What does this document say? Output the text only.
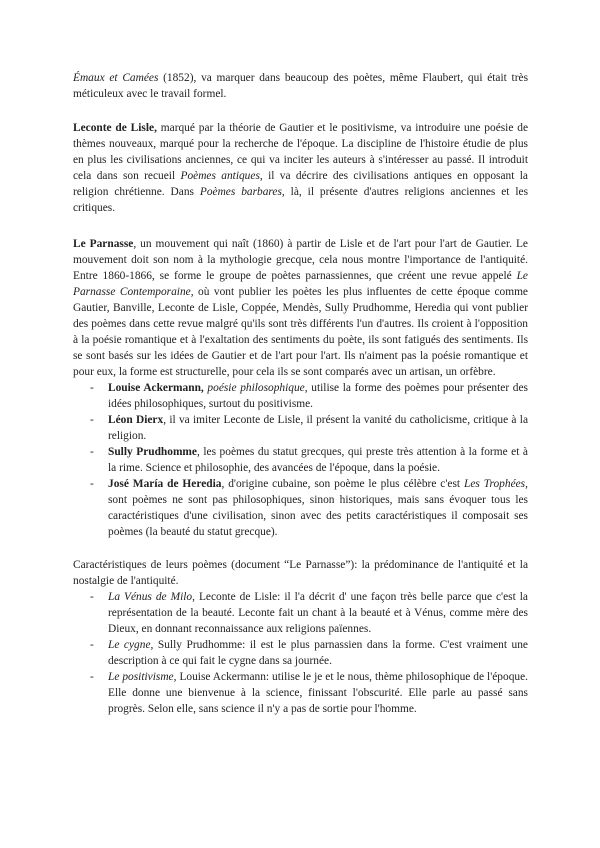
Émaux et Camées (1852), va marquer dans beaucoup des poètes, même Flaubert, qui était très méticuleux avec le travail formel.

Leconte de Lisle, marqué par la théorie de Gautier et le positivisme, va introduire une poésie de thèmes nouveaux, marqué pour la recherche de l'époque. La discipline de l'histoire étudie de plus en plus les civilisations anciennes, ce qui va inciter les auteurs à s'intéresser au passé. Il introduit cela dans son recueil Poèmes antiques, il va décrire des civilisations antiques en opposant la religion chrétienne. Dans Poèmes barbares, là, il présente d'autres religions anciennes et les critiques.

Le Parnasse, un mouvement qui naît (1860) à partir de Lisle et de l'art pour l'art de Gautier. Le mouvement doit son nom à la mythologie grecque, cela nous montre l'importance de l'antiquité. Entre 1860-1866, se forme le groupe de poètes parnassiennes, que créent une revue appelé Le Parnasse Contemporaine, où vont publier les poètes les plus influentes de cette époque comme Gautier, Banville, Leconte de Lisle, Coppée, Mendès, Sully Prudhomme, Heredia qui vont publier des poèmes dans cette revue malgré qu'ils sont très différents l'un d'autres. Ils croient à l'opposition à la poésie romantique et à l'exaltation des sentiments du poète, ils sont fatigués des sentiments. Ils se sont basés sur les idées de Gautier et de l'art pour l'art. Ils n'aiment pas la poésie romantique et pour eux, la forme est structurelle, pour cela ils se sont comparés avec un artisan, un orfèbre.

- Louise Ackermann, poésie philosophique, utilise la forme des poèmes pour présenter des idées philosophiques, surtout du positivisme.
- Léon Dierx, il va imiter Leconte de Lisle, il présent la vanité du catholicisme, critique à la religion.
- Sully Prudhomme, les poèmes du statut grecques, qui preste très attention à la forme et à la rime. Science et philosophie, des avancées de l'époque, dans la poésie.
- José María de Heredia, d'origine cubaine, son poème le plus célèbre c'est Les Trophées, sont poèmes ne sont pas philosophiques, sinon historiques, mais sans évoquer tous les caractéristiques d'une civilisation, sinon avec des petits caractéristiques il composait ses poèmes (la beauté du statut grecque).

Caractéristiques de leurs poèmes (document “Le Parnasse”): la prédominance de l'antiquité et la nostalgie de l'antiquité.

- La Vénus de Milo, Leconte de Lisle: il l'a décrit d' une façon très belle parce que c'est la représentation de la beauté. Leconte fait un chant à la beauté et à Vénus, comme mère des Dieux, en donnant reconnaissance aux religions païennes.
- Le cygne, Sully Prudhomme: il est le plus parnassien dans la forme. C'est vraiment une description à ce qui fait le cygne dans sa journée.
- Le positivisme, Louise Ackermann: utilise le je et le nous, thème philosophique de l'époque. Elle donne une bienvenue à la science, finissant l'obscurité. Elle parle au passé sans progrès. Selon elle, sans science il n'y a pas de sortie pour l'homme.
